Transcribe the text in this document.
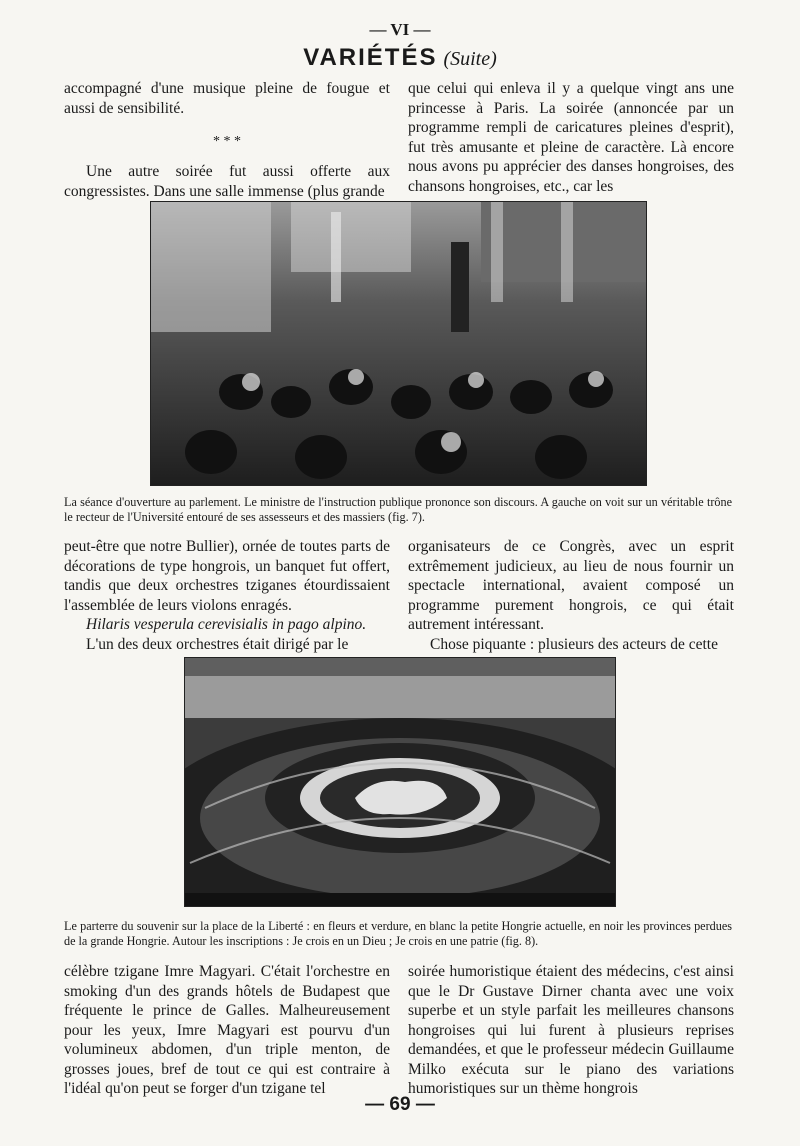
— VI —
VARIÉTÉS (Suite)

accompagné d'une musique pleine de fougue et aussi de sensibilité.

* * *

Une autre soirée fut aussi offerte aux congressistes. Dans une salle immense (plus grande

que celui qui enleva il y a quelque vingt ans une princesse à Paris. La soirée (annoncée par un programme rempli de caricatures pleines d'esprit), fut très amusante et pleine de caractère. Là encore nous avons pu apprécier des danses hongroises, des chansons hongroises, etc., car les

La séance d'ouverture au parlement. Le ministre de l'instruction publique prononce son discours. A gauche on voit sur un véritable trône le recteur de l'Université entouré de ses assesseurs et des massiers (fig. 7).

peut-être que notre Bullier), ornée de toutes parts de décorations de type hongrois, un banquet fut offert, tandis que deux orchestres tziganes étourdissaient l'assemblée de leurs violons enragés.

Hilaris vesperula cerevisialis in pago alpino.

L'un des deux orchestres était dirigé par le

organisateurs de ce Congrès, avec un esprit extrêmement judicieux, au lieu de nous fournir un spectacle international, avaient composé un programme purement hongrois, ce qui était autrement intéressant.

Chose piquante : plusieurs des acteurs de cette

Le parterre du souvenir sur la place de la Liberté : en fleurs et verdure, en blanc la petite Hongrie actuelle, en noir les provinces perdues de la grande Hongrie. Autour les inscriptions : Je crois en un Dieu ; Je crois en une patrie (fig. 8).

célèbre tzigane Imre Magyari. C'était l'orchestre en smoking d'un des grands hôtels de Budapest que fréquente le prince de Galles. Malheureusement pour les yeux, Imre Magyari est pourvu d'un volumineux abdomen, d'un triple menton, de grosses joues, bref de tout ce qui est contraire à l'idéal qu'on peut se forger d'un tzigane tel

soirée humoristique étaient des médecins, c'est ainsi que le Dr Gustave Dirner chanta avec une voix superbe et un style parfait les meilleures chansons hongroises qui lui furent à plusieurs reprises demandées, et que le professeur médecin Guillaume Milko exécuta sur le piano des variations humoristiques sur un thème hongrois

— 69 —
